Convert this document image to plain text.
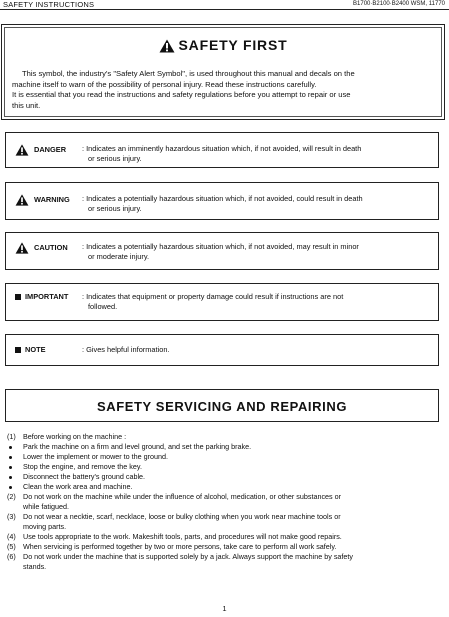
SAFETY INSTRUCTIONS	B1700·B2100·B2400 WSM, 11770
SAFETY FIRST

This symbol, the industry's "Safety Alert Symbol", is used throughout this manual and decals on the

machine itself to warn of the possibility of personal injury. Read these instructions carefully.

It is essential that you read the instructions and safety regulations before you attempt to repair or use

this unit.

DANGER : Indicates an imminently hazardous situation which, if not avoided, will result in death
or serious injury.
WARNING : Indicates a potentially hazardous situation which, if not avoided, could result in death
or serious injury.
CAUTION : Indicates a potentially hazardous situation which, if not avoided, may result in minor
or moderate injury.
IMPORTANT : Indicates that equipment or property damage could result if instructions are not
followed.
NOTE	: Gives helpful information.
SAFETY SERVICING AND REPAIRING
(1) Before working on the machine :
Park the machine on a firm and level ground, and set the parking brake.
Lower the implement or mower to the ground.
Stop the engine, and remove the key.
Disconnect the battery's ground cable.
Clean the work area and machine.
(2) Do not work on the machine while under the influence of alcohol, medication, or other substances or
while fatigued.
(3) Do not wear a necktie, scarf, necklace, loose or bulky clothing when you work near machine tools or
moving parts.
(4) Use tools appropriate to the work. Makeshift tools, parts, and procedures will not make good repairs.
(5) When servicing is performed together by two or more persons, take care to perform all work safely.
(6) Do not work under the machine that is supported solely by a jack. Always support the machine by safety
stands.
1
